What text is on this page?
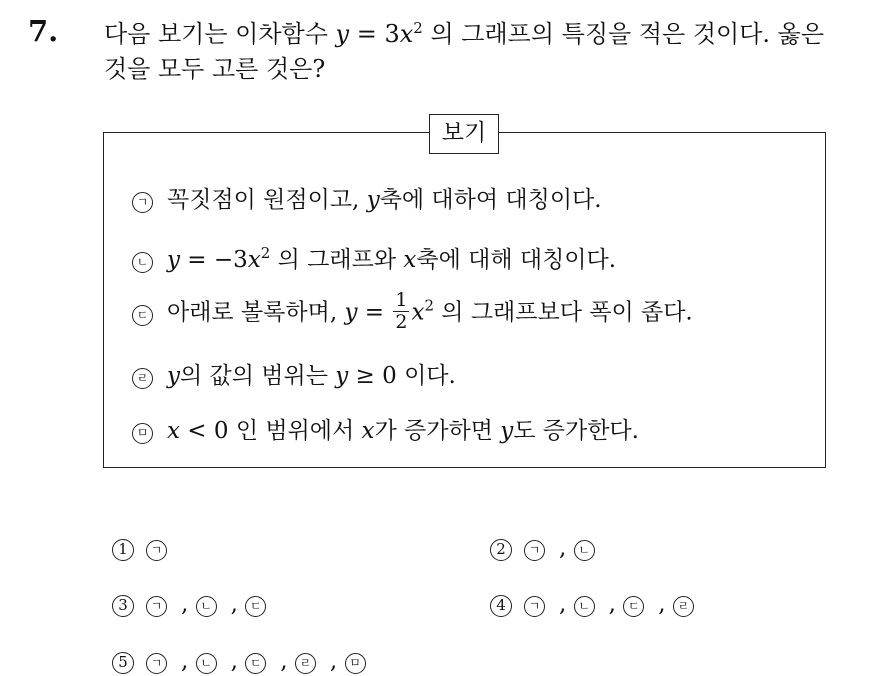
7. 다음 보기는 이차함수 $y = 3x^2$ 의 그래프의 특징을 적은 것이다. 옳은
것을 모두 고른 것은?
보기
ㄱ 꼭짓점이 원점이고, y축에 대하여 대칭이다.
ㄴ $y = -3x^2$ 의 그래프와 x축에 대해 대칭이다.
ㄷ 아래로 볼록하며, $y = \frac{1}{2} x^2$ 의 그래프보다 폭이 좁다.
ㄹ y의 값의 범위는 y ≥ 0 이다.
ㅁ x < 0 인 범위에서 x가 증가하면 y도 증가한다.
1 ㄱ	2 ㄱ , ㄴ
3 ㄱ , ㄴ , ㄷ	4 ㄱ , ㄴ , ㄷ , ㄹ
5 ㄱ , ㄴ , ㄷ , ㄹ , ㅁ
